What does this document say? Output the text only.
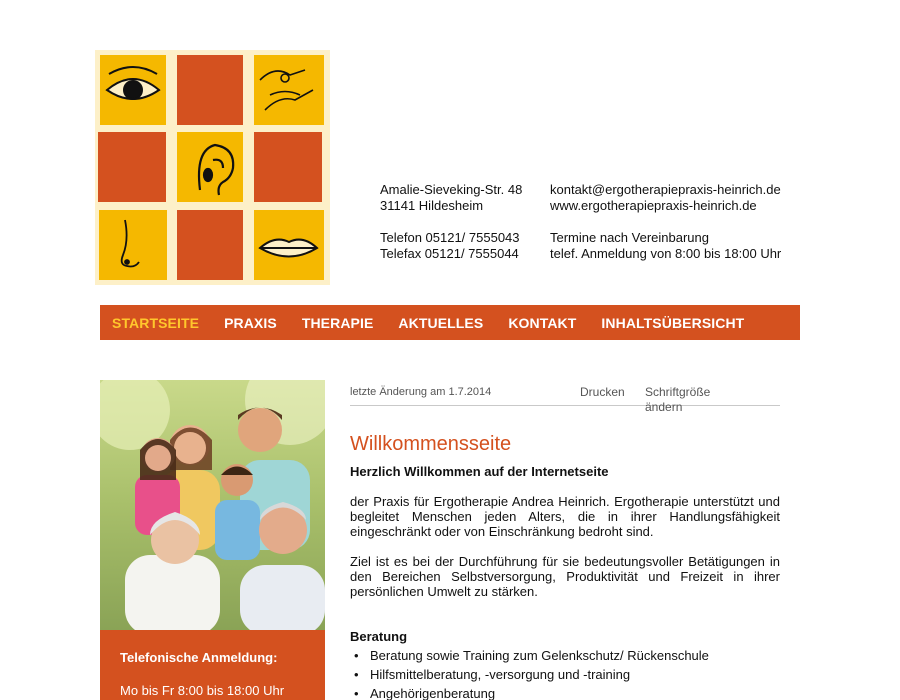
Amalie-Sieveking-Str. 48
31141 Hildesheim
Telefon 05121/ 7555043
Telefax 05121/ 7555044
kontakt@ergotherapiepraxis-heinrich.de
www.ergotherapiepraxis-heinrich.de
Termine nach Vereinbarung
telef. Anmeldung von 8:00 bis 18:00 Uhr
STARTSEITE PRAXIS THERAPIE AKTUELLES KONTAKT INHALTSÜBERSICHT
Telefonische Anmeldung:
Mo bis Fr 8:00 bis 18:00 Uhr
letzte Änderung am 1.7.2014	Drucken Schriftgröße ändern
Willkommensseite
Herzlich Willkommen auf der Internetseite

der Praxis für Ergotherapie Andrea Heinrich. Ergotherapie unterstützt und begleitet Menschen jeden Alters, die in ihrer Handlungsfähigkeit eingeschränkt oder von Einschränkung bedroht sind.

Ziel ist es bei der Durchführung für sie bedeutungsvoller Betätigungen in den Bereichen Selbstversorgung, Produktivität und Freizeit in ihrer persönlichen Umwelt zu stärken.

Beratung
• Beratung sowie Training zum Gelenkschutz/ Rückenschule
• Hilfsmittelberatung, -versorgung und -training
• Angehörigenberatung
